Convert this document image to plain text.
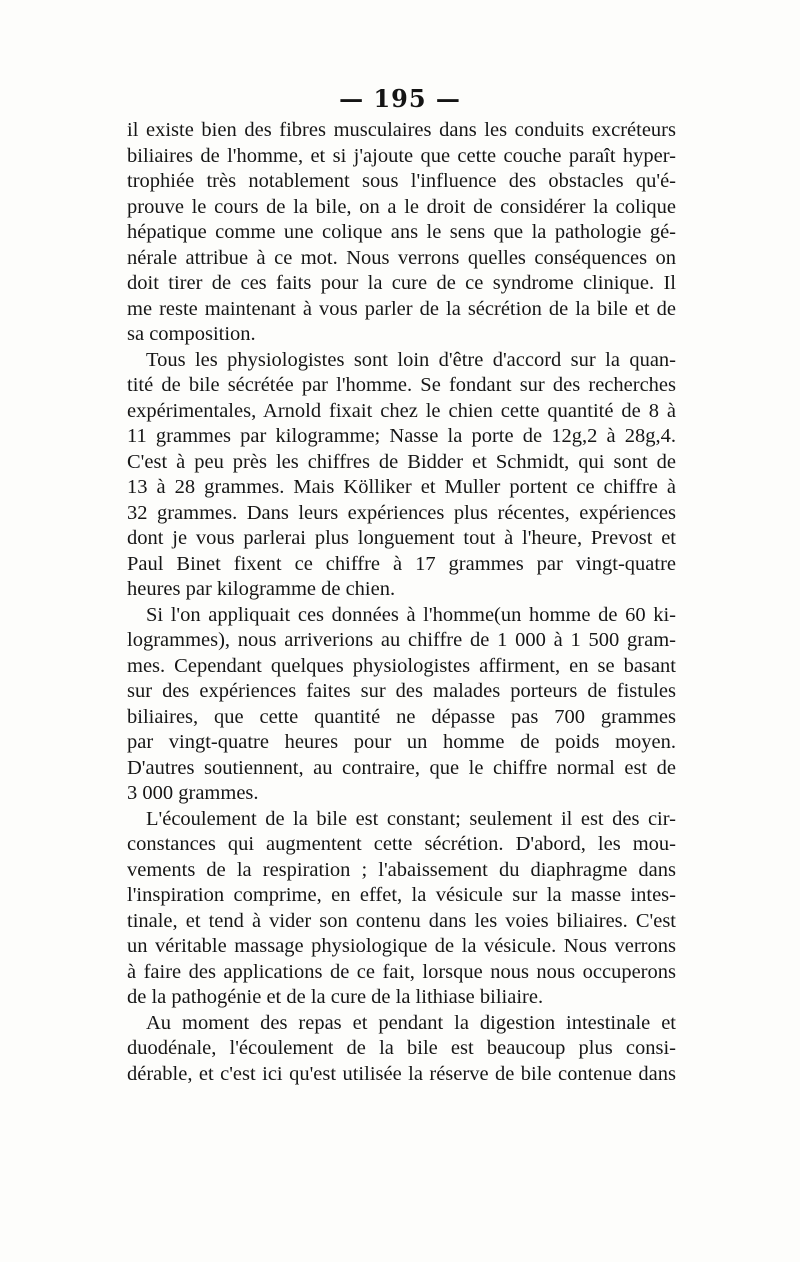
— 195 —
il existe bien des fibres musculaires dans les conduits excréteurs
biliaires de l'homme, et si j'ajoute que cette couche paraît hyper-
trophiée très notablement sous l'influence des obstacles qu'é-
prouve le cours de la bile, on a le droit de considérer la colique
hépatique comme une colique ans le sens que la pathologie gé-
nérale attribue à ce mot. Nous verrons quelles conséquences on
doit tirer de ces faits pour la cure de ce syndrome clinique. Il
me reste maintenant à vous parler de la sécrétion de la bile et de
sa composition.
Tous les physiologistes sont loin d'être d'accord sur la quan-
tité de bile sécrétée par l'homme. Se fondant sur des recherches
expérimentales, Arnold fixait chez le chien cette quantité de 8 à
11 grammes par kilogramme; Nasse la porte de 12g,2 à 28g,4.
C'est à peu près les chiffres de Bidder et Schmidt, qui sont de
13 à 28 grammes. Mais Kölliker et Muller portent ce chiffre à
32 grammes. Dans leurs expériences plus récentes, expériences
dont je vous parlerai plus longuement tout à l'heure, Prevost et
Paul Binet fixent ce chiffre à 17 grammes par vingt-quatre
heures par kilogramme de chien.
Si l'on appliquait ces données à l'homme(un homme de 60 ki-
logrammes), nous arriverions au chiffre de 1 000 à 1 500 gram-
mes. Cependant quelques physiologistes affirment, en se basant
sur des expériences faites sur des malades porteurs de fistules
biliaires, que cette quantité ne dépasse pas 700 grammes
par vingt-quatre heures pour un homme de poids moyen.
D'autres soutiennent, au contraire, que le chiffre normal est de
3 000 grammes.
L'écoulement de la bile est constant; seulement il est des cir-
constances qui augmentent cette sécrétion. D'abord, les mou-
vements de la respiration ; l'abaissement du diaphragme dans
l'inspiration comprime, en effet, la vésicule sur la masse intes-
tinale, et tend à vider son contenu dans les voies biliaires. C'est
un véritable massage physiologique de la vésicule. Nous verrons
à faire des applications de ce fait, lorsque nous nous occuperons
de la pathogénie et de la cure de la lithiase biliaire.
Au moment des repas et pendant la digestion intestinale et
duodénale, l'écoulement de la bile est beaucoup plus consi-
dérable, et c'est ici qu'est utilisée la réserve de bile contenue dans
